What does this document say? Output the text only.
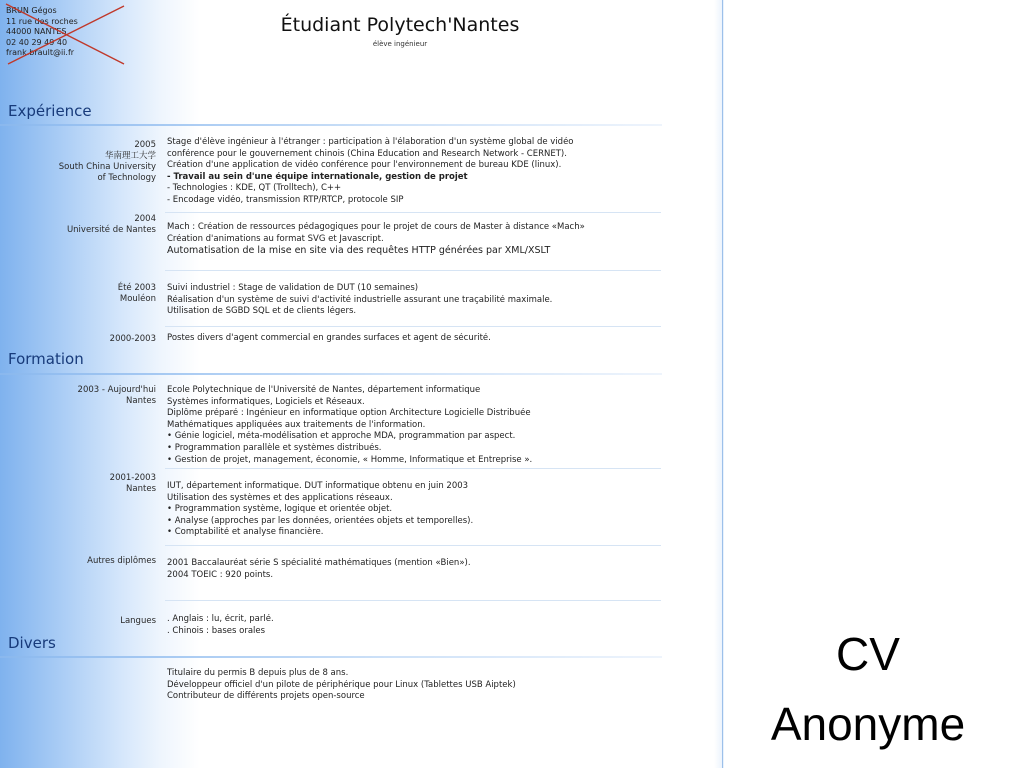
BRUN Gégos
11 rue des roches
44000 NANTES
02 40 29 49 40
frank.brault@ii.fr
Étudiant Polytech'Nantes
élève ingénieur
Expérience
2005
华南理工大学
South China University
of Technology
Stage d'élève ingénieur à l'étranger : participation à l'élaboration d'un système global de vidéo
conférence pour le gouvernement chinois (China Education and Research Network - CERNET).
Création d'une application de vidéo conférence pour l'environnement de bureau KDE (linux).
- Travail au sein d'une équipe internationale, gestion de projet
- Technologies : KDE, QT (Trolltech), C++
- Encodage vidéo, transmission RTP/RTCP, protocole SIP
2004
Université de Nantes Mach : Création de ressources pédagogiques pour le projet de cours de Master à distance «Mach»
Création d'animations au format SVG et Javascript.
Automatisation de la mise en site via des requêtes HTTP générées par XML/XSLT
Été 2003
Mouléon
Suivi industriel : Stage de validation de DUT (10 semaines)
Réalisation d'un système de suivi d'activité industrielle assurant une traçabilité maximale.
Utilisation de SGBD SQL et de clients légers.
2000-2003 Postes divers d'agent commercial en grandes surfaces et agent de sécurité.
Formation
2003 - Aujourd'hui
Nantes
École Polytechnique de l'Université de Nantes, département informatique
Systèmes informatiques, Logiciels et Réseaux.
Diplôme préparé : Ingénieur en informatique option Architecture Logicielle Distribuée
Mathématiques appliquées aux traitements de l'information.
• Génie logiciel, méta-modélisation et approche MDA, programmation par aspect.
• Programmation parallèle et systèmes distribués.
• Gestion de projet, management, économie, « Homme, Informatique et Entreprise ».
2001-2003
Nantes IUT, département informatique. DUT informatique obtenu en juin 2003
Utilisation des systèmes et des applications réseaux.
• Programmation système, logique et orientée objet.
• Analyse (approches par les données, orientées objets et temporelles).
• Comptabilité et analyse financière.
Autres diplômes 2001 Baccalauréat série S spécialité mathématiques (mention «Bien»).
2004 TOEIC : 920 points.
Langues . Anglais : lu, écrit, parlé.
. Chinois : bases orales
Divers
Titulaire du permis B depuis plus de 8 ans.
Développeur officiel d'un pilote de périphérique pour Linux (Tablettes USB Aiptek)
Contributeur de différents projets open-source
CV
Anonyme
